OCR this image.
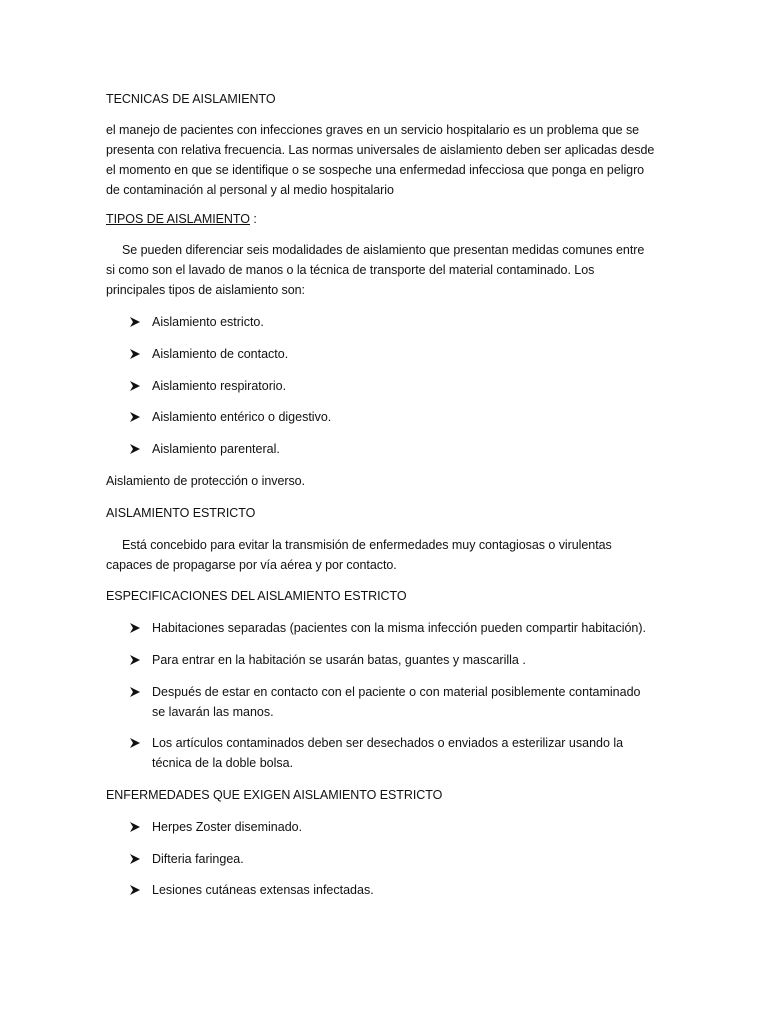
TECNICAS DE AISLAMIENTO
el manejo de pacientes con infecciones graves en un servicio hospitalario es un problema que se
presenta con relativa frecuencia. Las normas universales de aislamiento deben ser aplicadas desde
el momento en que se identifique o se sospeche una enfermedad infecciosa que ponga en peligro
de contaminación al personal y al medio hospitalario
TIPOS DE AISLAMIENTO :
Se pueden diferenciar seis modalidades de aislamiento que presentan medidas comunes entre
si como son el lavado de manos o la técnica de transporte del material contaminado. Los
principales tipos de aislamiento son:
Aislamiento estricto.
Aislamiento de contacto.
Aislamiento respiratorio.
Aislamiento entérico o digestivo.
Aislamiento parenteral.
Aislamiento de protección o inverso.
AISLAMIENTO ESTRICTO
Está concebido para evitar la transmisión de enfermedades muy contagiosas o virulentas
capaces de propagarse por vía aérea y por contacto.
ESPECIFICACIONES DEL AISLAMIENTO ESTRICTO
Habitaciones separadas (pacientes con la misma infección pueden compartir habitación).
Para entrar en la habitación se usarán batas, guantes y mascarilla .
Después de estar en contacto con el paciente o con material posiblemente contaminado
se lavarán las manos.
Los artículos contaminados deben ser desechados o enviados a esterilizar usando la
técnica de la doble bolsa.
ENFERMEDADES QUE EXIGEN AISLAMIENTO ESTRICTO
Herpes Zoster diseminado.
Difteria faringea.
Lesiones cutáneas extensas infectadas.
